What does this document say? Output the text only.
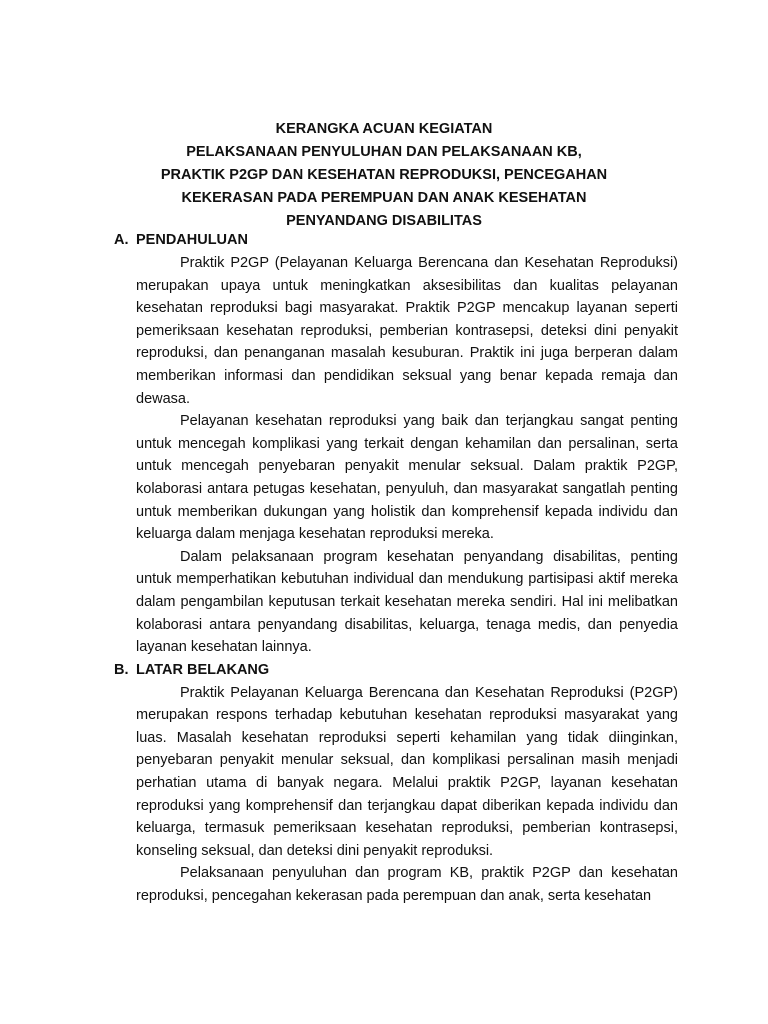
KERANGKA ACUAN KEGIATAN
PELAKSANAAN PENYULUHAN DAN PELAKSANAAN KB,
PRAKTIK P2GP DAN KESEHATAN REPRODUKSI, PENCEGAHAN
KEKERASAN PADA PEREMPUAN DAN ANAK KESEHATAN
PENYANDANG DISABILITAS
A. PENDAHULUAN

Praktik P2GP (Pelayanan Keluarga Berencana dan Kesehatan Reproduksi) merupakan upaya untuk meningkatkan aksesibilitas dan kualitas pelayanan kesehatan reproduksi bagi masyarakat. Praktik P2GP mencakup layanan seperti pemeriksaan kesehatan reproduksi, pemberian kontrasepsi, deteksi dini penyakit reproduksi, dan penanganan masalah kesuburan. Praktik ini juga berperan dalam memberikan informasi dan pendidikan seksual yang benar kepada remaja dan dewasa.

Pelayanan kesehatan reproduksi yang baik dan terjangkau sangat penting untuk mencegah komplikasi yang terkait dengan kehamilan dan persalinan, serta untuk mencegah penyebaran penyakit menular seksual. Dalam praktik P2GP, kolaborasi antara petugas kesehatan, penyuluh, dan masyarakat sangatlah penting untuk memberikan dukungan yang holistik dan komprehensif kepada individu dan keluarga dalam menjaga kesehatan reproduksi mereka.

Dalam pelaksanaan program kesehatan penyandang disabilitas, penting untuk memperhatikan kebutuhan individual dan mendukung partisipasi aktif mereka dalam pengambilan keputusan terkait kesehatan mereka sendiri. Hal ini melibatkan kolaborasi antara penyandang disabilitas, keluarga, tenaga medis, dan penyedia layanan kesehatan lainnya.

B. LATAR BELAKANG

Praktik Pelayanan Keluarga Berencana dan Kesehatan Reproduksi (P2GP) merupakan respons terhadap kebutuhan kesehatan reproduksi masyarakat yang luas. Masalah kesehatan reproduksi seperti kehamilan yang tidak diinginkan, penyebaran penyakit menular seksual, dan komplikasi persalinan masih menjadi perhatian utama di banyak negara. Melalui praktik P2GP, layanan kesehatan reproduksi yang komprehensif dan terjangkau dapat diberikan kepada individu dan keluarga, termasuk pemeriksaan kesehatan reproduksi, pemberian kontrasepsi, konseling seksual, dan deteksi dini penyakit reproduksi.

Pelaksanaan penyuluhan dan program KB, praktik P2GP dan kesehatan reproduksi, pencegahan kekerasan pada perempuan dan anak, serta kesehatan
